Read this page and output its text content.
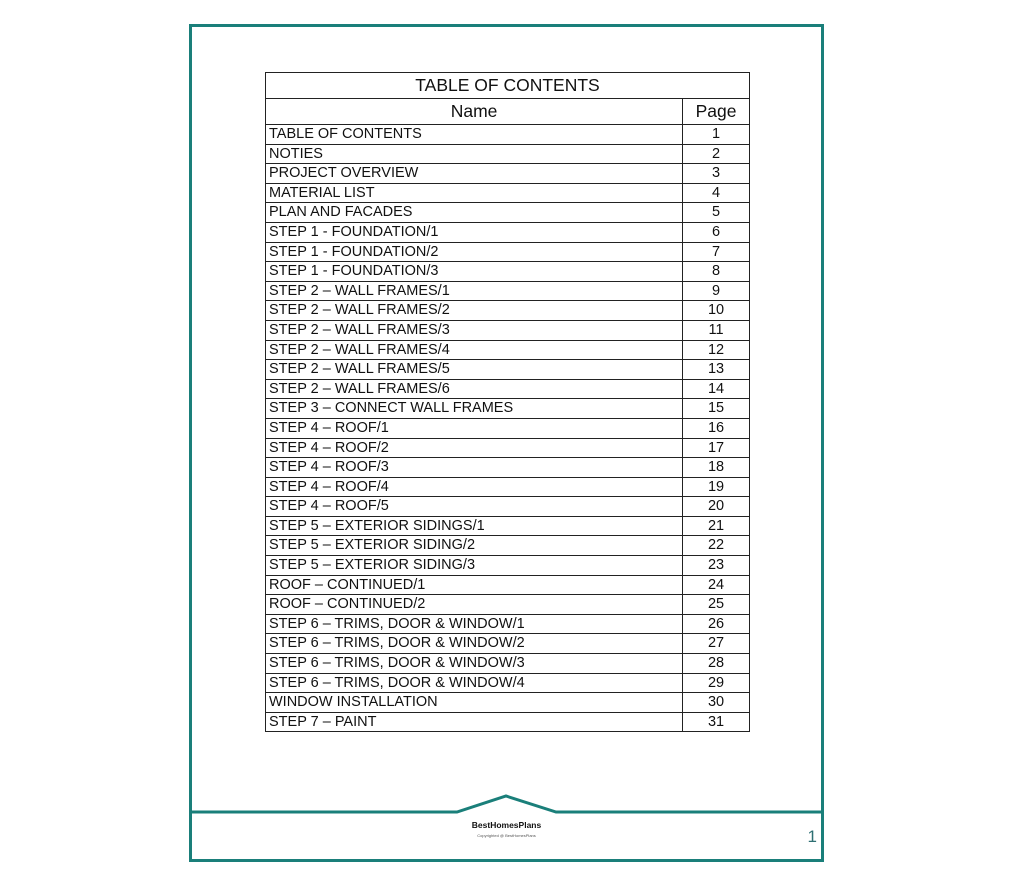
TABLE OF CONTENTS	
Name	Page
TABLE OF CONTENTS	1
NOTIES	2
PROJECT OVERVIEW	3
MATERIAL LIST	4
PLAN AND FACADES	5
STEP 1 - FOUNDATION/1	6
STEP 1 - FOUNDATION/2	7
STEP 1 - FOUNDATION/3	8
STEP 2 – WALL FRAMES/1	9
STEP 2 – WALL FRAMES/2	10
STEP 2 – WALL FRAMES/3	11
STEP 2 – WALL FRAMES/4	12
STEP 2 – WALL FRAMES/5	13
STEP 2 – WALL FRAMES/6	14
STEP 3 – CONNECT WALL FRAMES	15
STEP 4 – ROOF/1	16
STEP 4 – ROOF/2	17
STEP 4 – ROOF/3	18
STEP 4 – ROOF/4	19
STEP 4 – ROOF/5	20
STEP 5 – EXTERIOR SIDINGS/1	21
STEP 5 – EXTERIOR SIDING/2	22
STEP 5 – EXTERIOR SIDING/3	23
ROOF – CONTINUED/1	24
ROOF – CONTINUED/2	25
STEP 6 – TRIMS, DOOR & WINDOW/1	26
STEP 6 – TRIMS, DOOR & WINDOW/2	27
STEP 6 – TRIMS, DOOR & WINDOW/3	28
STEP 6 – TRIMS, DOOR & WINDOW/4	29
WINDOW INSTALLATION	30
STEP 7 – PAINT	31
BestHomesPlans
Copyrighted @ BestHomesPlans	1
